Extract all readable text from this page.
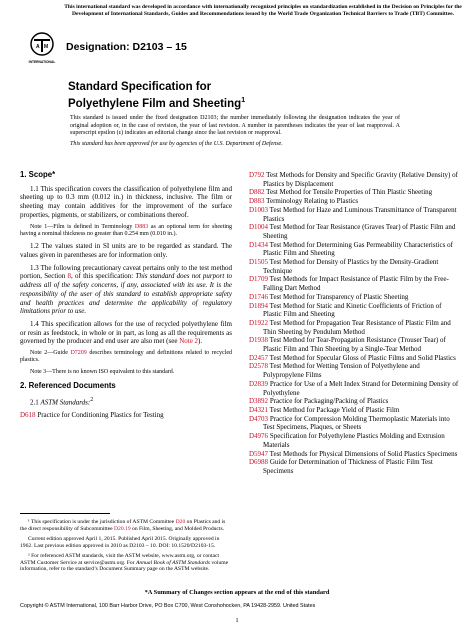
This international standard was developed in accordance with internationally recognized principles on standardization established in the Decision on Principles for the Development of International Standards, Guides and Recommendations issued by the World Trade Organization Technical Barriers to Trade (TBT) Committee.
A M
INTERNATIONAL
Designation: D2103 – 15
Standard Specification for
Polyethylene Film and Sheeting$^1$
This standard is issued under the fixed designation D2103; the number immediately following the designation indicates the year of original adoption or, in the case of revision, the year of last revision. A number in parentheses indicates the year of last reapproval. A superscript epsilon (ε) indicates an editorial change since the last revision or reapproval.
This standard has been approved for use by agencies of the U.S. Department of Defense.
1. Scope*

1.1 This specification covers the classification of polyethylene film and sheeting up to 0.3 mm (0.012 in.) in thickness, inclusive. The film or sheeting may contain additives for the improvement of the surface properties, pigments, or stabilizers, or combinations thereof.

Note 1—Film is defined in Terminology D883 as an optional term for sheeting having a nominal thickness no greater than 0.254 mm (0.010 in.).

1.2 The values stated in SI units are to be regarded as standard. The values given in parentheses are for information only.

1.3 The following precautionary caveat pertains only to the test method portion, Section 8, of this specification: This standard does not purport to address all of the safety concerns, if any, associated with its use. It is the responsibility of the user of this standard to establish appropriate safety and health practices and determine the applicability of regulatory limitations prior to use.

1.4 This specification allows for the use of recycled polyethylene film or resin as feedstock, in whole or in part, as long as all the requirements as governed by the producer and end user are also met (see Note 2).

Note 2—Guide D7209 describes terminology and definitions related to recycled plastics.

Note 3—There is no known ISO equivalent to this standard.

2. Referenced Documents

2.1 ASTM Standards:$^2$

D618 Practice for Conditioning Plastics for Testing

¹ This specification is under the jurisdiction of ASTM Committee D20 on Plastics and is the direct responsibility of Subcommittee D20.19 on Film, Sheeting, and Molded Products.

Current edition approved April 1, 2015. Published April 2015. Originally approved in 1962. Last previous edition approved in 2010 as D2103 – 10. DOI: 10.1520/D2103-15.

² For referenced ASTM standards, visit the ASTM website, www.astm.org, or contact ASTM Customer Service at service@astm.org. For Annual Book of ASTM Standards volume information, refer to the standard’s Document Summary page on the ASTM website.

D792 Test Methods for Density and Specific Gravity (Relative Density) of Plastics by Displacement

D882 Test Method for Tensile Properties of Thin Plastic Sheeting

D883 Terminology Relating to Plastics

D1003 Test Method for Haze and Luminous Transmittance of Transparent Plastics

D1004 Test Method for Tear Resistance (Graves Tear) of Plastic Film and Sheeting

D1434 Test Method for Determining Gas Permeability Characteristics of Plastic Film and Sheeting

D1505 Test Method for Density of Plastics by the Density-Gradient Technique

D1709 Test Methods for Impact Resistance of Plastic Film by the Free-Falling Dart Method

D1746 Test Method for Transparency of Plastic Sheeting

D1894 Test Method for Static and Kinetic Coefficients of Friction of Plastic Film and Sheeting

D1922 Test Method for Propagation Tear Resistance of Plastic Film and Thin Sheeting by Pendulum Method

D1938 Test Method for Tear-Propagation Resistance (Trouser Tear) of Plastic Film and Thin Sheeting by a Single-Tear Method

D2457 Test Method for Specular Gloss of Plastic Films and Solid Plastics

D2578 Test Method for Wetting Tension of Polyethylene and Polypropylene Films

D2839 Practice for Use of a Melt Index Strand for Determining Density of Polyethylene

D3892 Practice for Packaging/Packing of Plastics

D4321 Test Method for Package Yield of Plastic Film

D4703 Practice for Compression Molding Thermoplastic Materials into Test Specimens, Plaques, or Sheets

D4976 Specification for Polyethylene Plastics Molding and Extrusion Materials

D5947 Test Methods for Physical Dimensions of Solid Plastics Specimens

D6988 Guide for Determination of Thickness of Plastic Film Test Specimens

*A Summary of Changes section appears at the end of this standard
Copyright © ASTM International, 100 Barr Harbor Drive, PO Box C700, West Conshohocken, PA 19428-2959. United States
1
